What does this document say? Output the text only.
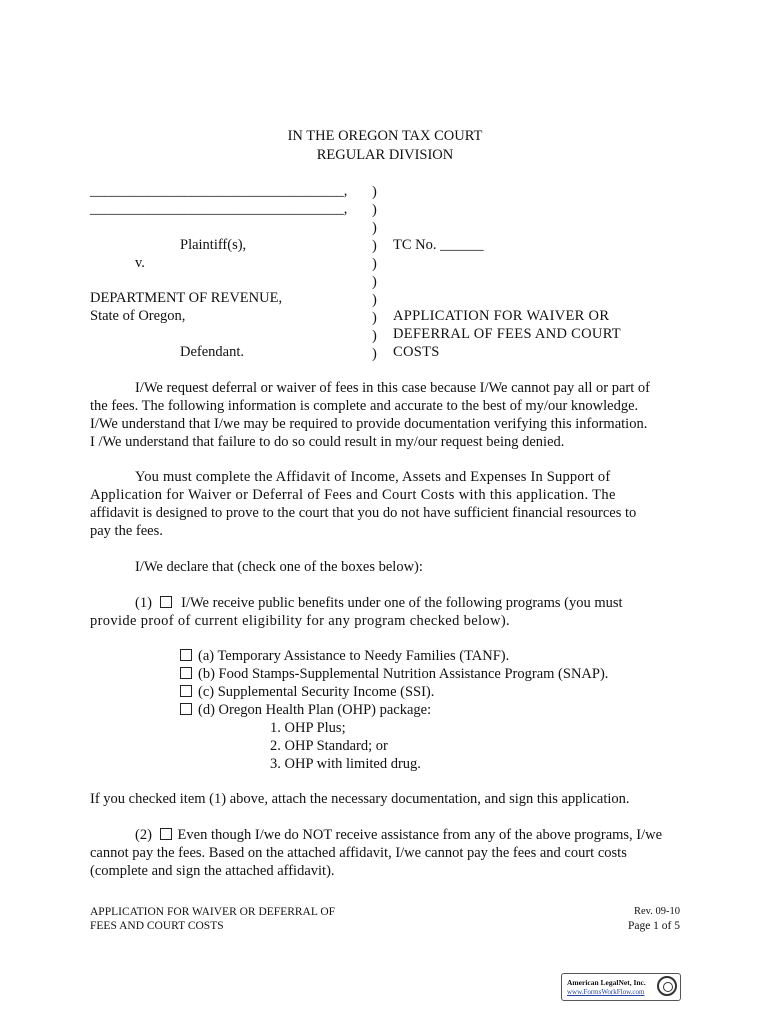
IN THE OREGON TAX COURT
REGULAR DIVISION
___________________________________,
___________________________________,
Plaintiff(s),
v.
DEPARTMENT OF REVENUE,
State of Oregon,
Defendant.
)
)
)
)
)
)
)
)
)
)
TC No. ______
APPLICATION FOR WAIVER OR
DEFERRAL OF FEES AND COURT
COSTS
I/We request deferral or waiver of fees in this case because I/We cannot pay all or part of
the fees. The following information is complete and accurate to the best of my/our knowledge.
I/We understand that I/we may be required to provide documentation verifying this information.
I /We understand that failure to do so could result in my/our request being denied.
You must complete the Affidavit of Income, Assets and Expenses In Support of
Application for Waiver or Deferral of Fees and Court Costs with this application. The
affidavit is designed to prove to the court that you do not have sufficient financial resources to
pay the fees.
I/We declare that (check one of the boxes below):
(1) I/We receive public benefits under one of the following programs (you must
provide proof of current eligibility for any program checked below).
(a) Temporary Assistance to Needy Families (TANF).
(b) Food Stamps-Supplemental Nutrition Assistance Program (SNAP).
(c) Supplemental Security Income (SSI).
(d) Oregon Health Plan (OHP) package:
1. OHP Plus;
2. OHP Standard; or
3. OHP with limited drug.
If you checked item (1) above, attach the necessary documentation, and sign this application.
(2) Even though I/we do NOT receive assistance from any of the above programs, I/we
cannot pay the fees. Based on the attached affidavit, I/we cannot pay the fees and court costs
(complete and sign the attached affidavit).
APPLICATION FOR WAIVER OR DEFERRAL OF
FEES AND COURT COSTS
Rev. 09-10
Page 1 of 5
American LegalNet, Inc.
www.FormsWorkFlow.com
